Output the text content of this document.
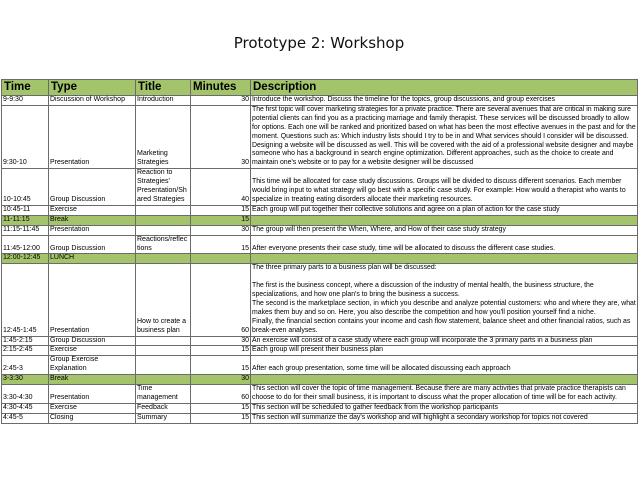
Prototype 2: Workshop
Time	Type	Title	Minutes	Description
9-9:30	Discussion of Workshop	Introduction	30	Introduce the workshop. Discuss the timeline for the topics, group discussions, and group exercises
9:30-10	Presentation	Marketing Strategies	30	The first topic will cover marketing strategies for a private practice. There are several avenues that are critical in making sure potential clients can find you as a practicing marriage and family therapist. These services will be discussed broadly to allow for options. Each one will be ranked and prioritized based on what has been the most effective avenues in the past and for the moment. Questions such as: Which industry lists should I try to be in and What services should I consider will be discussed. Designing a website will be discussed as well. This will be covered with the aid of a professional website designer and maybe someone who has a background in search engine optimization. Different approaches, such as the choice to create and maintain one's website or to pay for a website designer will be discussed
10-10:45	Group Discussion	Reaction to Strategies' Presentation/Shared Strategies	40	This time will be allocated for case study discussions. Groups will be divided to discuss different scenarios. Each member would bring input to what strategy will go best with a specific case study. For example: How would a therapist who wants to specialize in treating eating disorders allocate their marketing resources.
10:45-11	Exercise		15	Each group will put together their collective solutions and agree on a plan of action for the case study
11-11:15	Break		15	
11:15-11:45	Presentation		30	The group will then present the When, Where, and How of their case study strategy
11:45-12:00	Group Discussion	Reactions/reflections	15	After everyone presents their case study, time will be allocated to discuss the different case studies.
12:00-12:45	LUNCH			
12:45-1:45	Presentation	How to create a business plan	60	The three primary parts to a business plan will be discussed:

The first is the business concept, where a discussion of the industry of mental health, the business structure, the specializations, and how one plan's to bring the business a success.
The second is the marketplace section, in which you describe and analyze potential customers: who and where they are, what makes them buy and so on. Here, you also describe the competition and how you'll position yourself find a niche.
Finally, the financial section contains your income and cash flow statement, balance sheet and other financial ratios, such as break-even analyses.

1:45-2:15	Group Discussion		30	An exercise will consist of a case study where each group will incorporate the 3 primary parts in a business plan
2:15-2:45	Exercise		15	Each group will present their business plan
2:45-3	Group Exercise Explanation		15	After each group presentation, some time will be allocated discussing each approach
3-3:30	Break		30	
3:30-4:30	Presentation	Time management	60	This section will cover the topic of time management. Because there are many activities that private practice therapists can choose to do for their small business, it is important to discuss what the proper allocation of time will be for each activity.
4:30-4:45	Exercise	Feedback	15	This section will be scheduled to gather feedback from the workshop participants
4:45-5	Closing	Summary	15	This section will summarize the day's workshop and will highlight a secondary workshop for topics not covered
